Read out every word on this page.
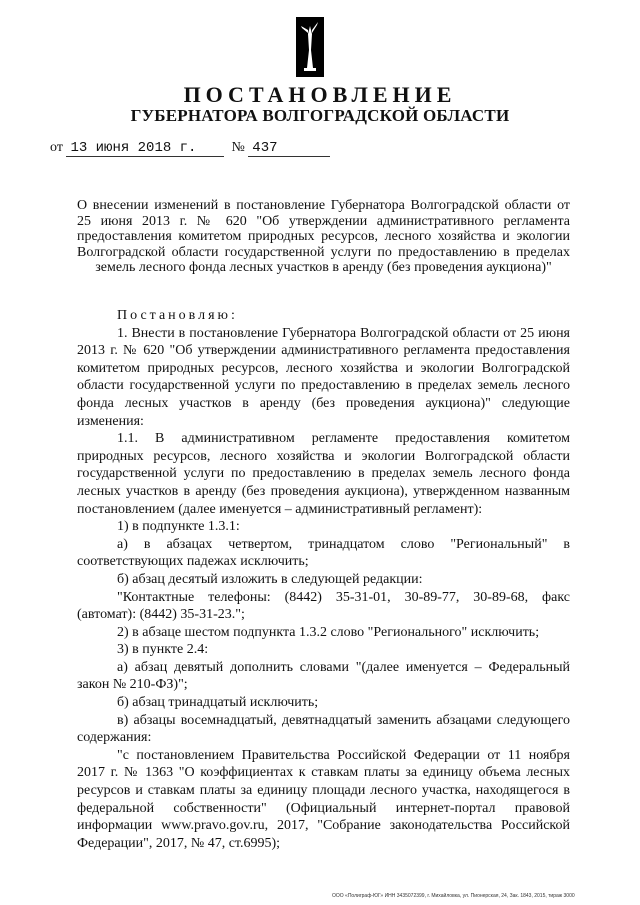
ПОСТАНОВЛЕНИЕ
ГУБЕРНАТОРА ВОЛГОГРАДСКОЙ ОБЛАСТИ
от 13 июня 2018 г. № 437
О внесении изменений в постановление Губернатора Волгоградской области от 25 июня 2013 г. № 620 "Об утверждении административного регламента предоставления комитетом природных ресурсов, лесного хозяйства и экологии Волгоградской области государственной услуги по предоставлению в пределах земель лесного фонда лесных участков в аренду (без проведения аукциона)"

Постановляю:

1. Внести в постановление Губернатора Волгоградской области от 25 июня 2013 г. № 620 "Об утверждении административного регламента предоставления комитетом природных ресурсов, лесного хозяйства и экологии Волгоградской области государственной услуги по предоставлению в пределах земель лесного фонда лесных участков в аренду (без проведения аукциона)" следующие изменения:

1.1. В административном регламенте предоставления комитетом природных ресурсов, лесного хозяйства и экологии Волгоградской области государственной услуги по предоставлению в пределах земель лесного фонда лесных участков в аренду (без проведения аукциона), утвержденном названным постановлением (далее именуется – административный регламент):

1) в подпункте 1.3.1:

а) в абзацах четвертом, тринадцатом слово "Региональный" в соответствующих падежах исключить;

б) абзац десятый изложить в следующей редакции:

"Контактные телефоны: (8442) 35-31-01, 30-89-77, 30-89-68, факс (автомат): (8442) 35-31-23.";

2) в абзаце шестом подпункта 1.3.2 слово "Регионального" исключить;

3) в пункте 2.4:

а) абзац девятый дополнить словами "(далее именуется – Федеральный закон № 210-ФЗ)";

б) абзац тринадцатый исключить;

в) абзацы восемнадцатый, девятнадцатый заменить абзацами следующего содержания:

"с постановлением Правительства Российской Федерации от 11 ноября 2017 г. № 1363 "О коэффициентах к ставкам платы за единицу объема лесных ресурсов и ставкам платы за единицу площади лесного участка, находящегося в федеральной собственности" (Официальный интернет-портал правовой информации www.pravo.gov.ru, 2017, "Собрание законодательства Российской Федерации", 2017, № 47, ст.6995);

ООО «Полиграф-ЮГ» ИНН 3435072399, г. Михайловка, ул. Пионерская, 24, Зак. 1843, 2015, тираж 3000
